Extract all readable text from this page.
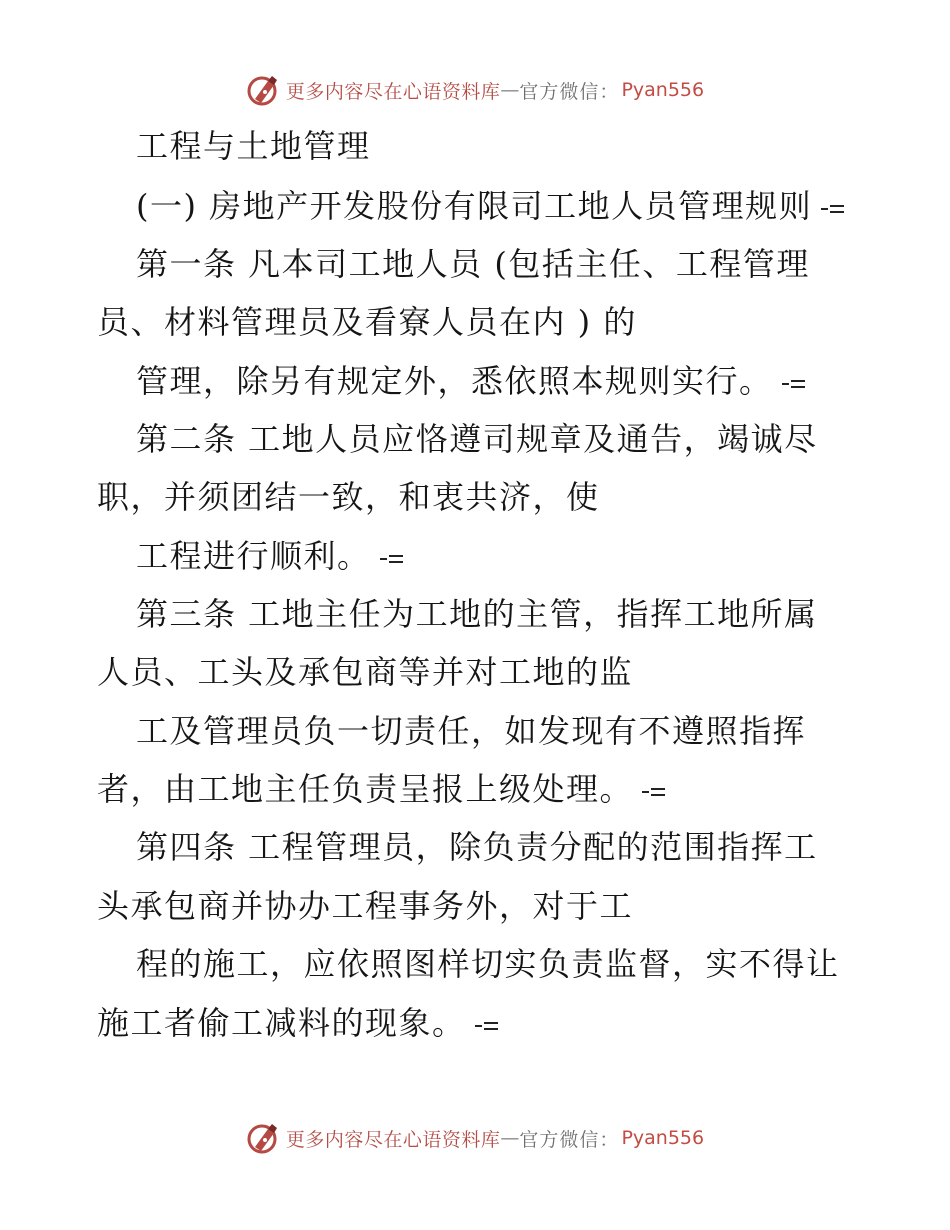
更多内容尽在心语资料库 — 官方微信： Pyan556
工程与土地管理
(一) 房地产开发股份有限司工地人员管理规则
第一条 凡本司工地人员 (包括主任、工程管理
员、材料管理员及看寮人员在内 ) 的
管理，除另有规定外，悉依照本规则实行。
第二条 工地人员应恪遵司规章及通告，竭诚尽
职，并须团结一致，和衷共济，使
工程进行顺利。
第三条 工地主任为工地的主管，指挥工地所属
人员、工头及承包商等并对工地的监
工及管理员负一切责任，如发现有不遵照指挥
者，由工地主任负责呈报上级处理。
第四条 工程管理员，除负责分配的范围指挥工
头承包商并协办工程事务外，对于工
程的施工，应依照图样切实负责监督，实不得让
施工者偷工减料的现象。
更多内容尽在心语资料库 — 官方微信： Pyan556
